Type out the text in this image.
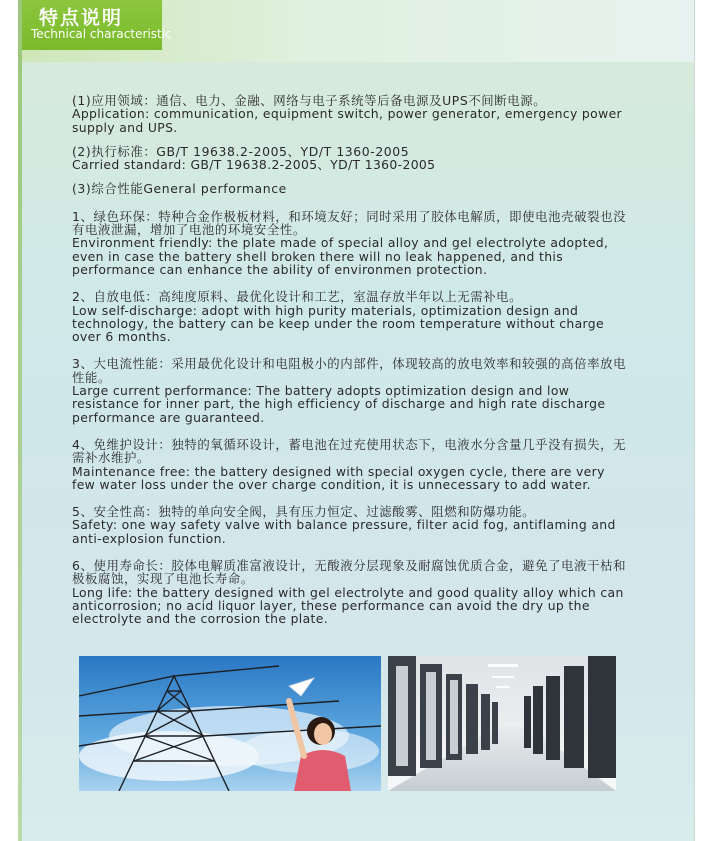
特点说明
Technical characteristic
(1)应用领域：通信、电力、金融、网络与电子系统等后备电源及UPS不间断电源。
Application: communication, equipment switch, power generator, emergency power supply and UPS.
(2)执行标准：GB/T 19638.2-2005、YD/T 1360-2005
Carried standard: GB/T 19638.2-2005、YD/T 1360-2005
(3)综合性能General performance
1、绿色环保：特种合金作极板材料，和环境友好；同时采用了胶体电解质，即使电池壳破裂也没有电液泄漏，增加了电池的环境安全性。
Environment friendly: the plate made of special alloy and gel electrolyte adopted, even in case the battery shell broken there will no leak happened, and this performance can enhance the ability of environmen protection.
2、自放电低：高纯度原料、最优化设计和工艺，室温存放半年以上无需补电。
Low self-discharge: adopt with high purity materials, optimization design and technology, the battery can be keep under the room temperature without charge over 6 months.
3、大电流性能：采用最优化设计和电阻极小的内部件，体现较高的放电效率和较强的高倍率放电性能。
Large current performance: The battery adopts optimization design and low resistance for inner part, the high efficiency of discharge and high rate discharge performance are guaranteed.
4、免维护设计：独特的氧循环设计，蓄电池在过充使用状态下，电液水分含量几乎没有损失，无需补水维护。
Maintenance free: the battery designed with special oxygen cycle, there are very few water loss under the over charge condition, it is unnecessary to add water.
5、安全性高：独特的单向安全阀，具有压力恒定、过滤酸雾、阻燃和防爆功能。
Safety: one way safety valve with balance pressure, filter acid fog, antiflaming and anti-explosion function.
6、使用寿命长：胶体电解质准富液设计，无酸液分层现象及耐腐蚀优质合金，避免了电液干枯和极板腐蚀，实现了电池长寿命。
Long life: the battery designed with gel electrolyte and good quality alloy which can anticorrosion; no acid liquor layer, these performance can avoid the dry up the electrolyte and the corrosion the plate.
